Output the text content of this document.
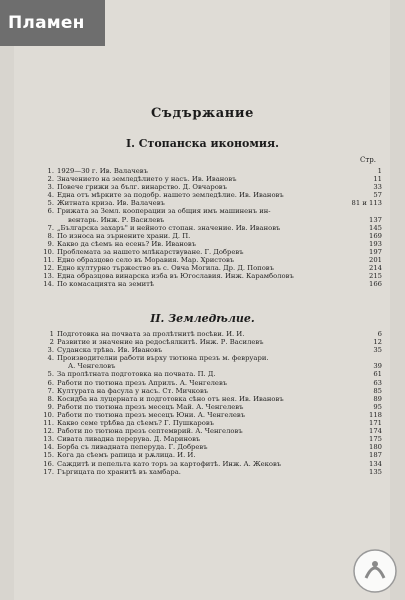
Пламен
Съдържание
I. Стопанска икономия.
Стр.
1. 1929—30 г. Ив. Валачевъ	1
2. Значението на земледѣлието у насъ. Ив. Ивановъ	11
3. Повече грижи за бълг. винарство. Д. Овчаровъ	33
4. Една отъ мѣрките за подобр. нашето земледѣлие. Ив. Ивановъ	57
5. Житната криза. Ив. Валачевъ	81 и 113
6. Грижата за Земл. кооперации за общия имъ машиненъ ин-
вентарь. Инж. Р. Василевъ	137
7. „Българска захаръ" и нейното стопан. значение. Ив. Ивановъ	145
8. По износа на зърнените храни. Д. П.	169
9. Какво да сѣемъ на есень? Ив. Ивановъ	193
10. Проблемата за нашето млѣкарствуване. Г. Добревъ	197
11. Едно образцово село въ Моравия. Мар. Христовъ	201
12. Едно културно тържество въ с. Овча Могила. Др. Д. Поповъ	214
13. Една образцова винарска изба въ Югославия. Инж. Карамболовъ	215
14. По комасацията на земитѣ	166
II. Земледѣлие.
1 Подготовка на почвата за пролѣтнитѣ посѣви. И. И.	6
2 Развитие и значение на редосѣялкитѣ. Инж. Р. Василевъ	12
3. Суданска трѣва. Ив. Ивановъ	35
4. Производителни работи върху тютюна презъ м. февруари.
А. Ченгеловъ	39
5. За пролѣтната подготовка на почвата. П. Д.	61
6. Работи по тютюна презъ Априлъ. А. Ченгелевъ	63
7. Културата на фасула у насъ. Ст. Мичковъ	85
8. Косидба на луцерната и подготовка сѣно отъ нея. Ив. Ивановъ	89
9. Работи по тютюна презъ месецъ Май. А. Ченгелевъ	95
10. Работи по тютюна презъ месецъ Юни. А. Ченгелевъ	118
11. Какво семе трѣбва да сѣемъ? Г. Пушкаровъ	171
12. Работи по тютюна презъ септемврий. А. Ченгеловъ	174
13. Сивата ливадна перерува. Д. Мариновъ	175
14. Борба съ ливадната пеперуда. Г. Добревъ	180
15. Кога да сѣемъ рапица и рѫлица. И. И.	187
16. Саждитѣ и пепельта като торъ за картофитѣ. Инж. А. Жековъ	134
17. Гъргицата по хранитѣ въ хамбара.	135
